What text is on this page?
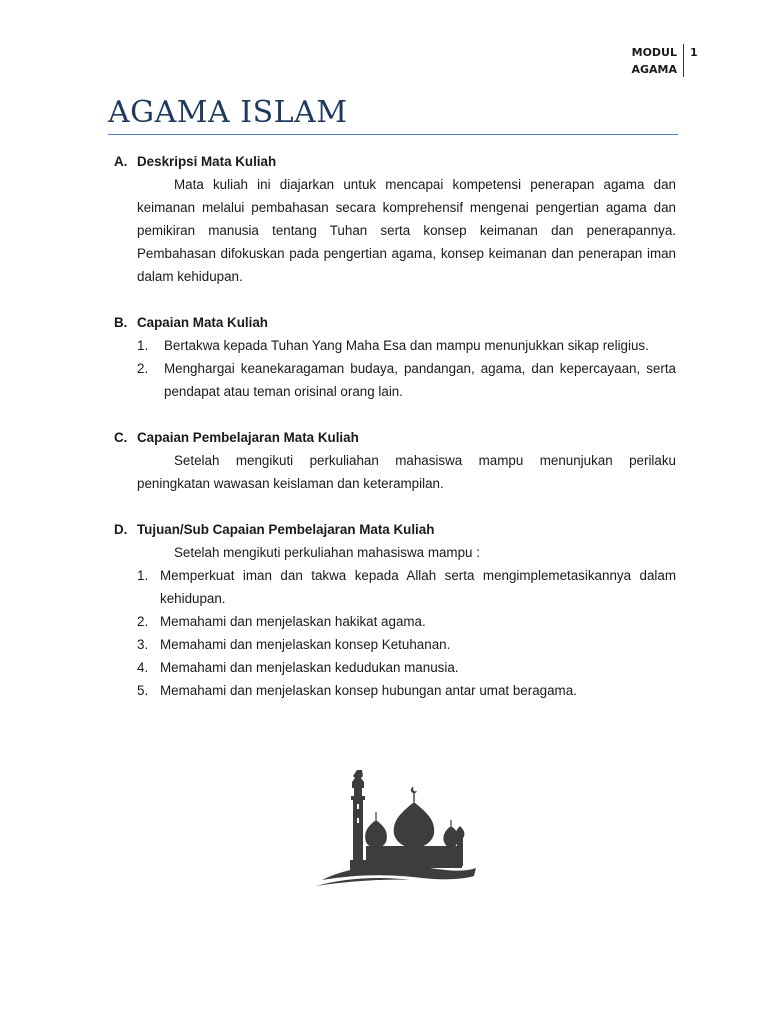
MODUL
AGAMA
1
AGAMA ISLAM
A. Deskripsi Mata Kuliah

Mata kuliah ini diajarkan untuk mencapai kompetensi penerapan agama dan keimanan melalui pembahasan secara komprehensif mengenai pengertian agama dan pemikiran manusia tentang Tuhan serta konsep keimanan dan penerapannya. Pembahasan difokuskan pada pengertian agama, konsep keimanan dan penerapan iman dalam kehidupan.

B. Capaian Mata Kuliah
1.	Bertakwa kepada Tuhan Yang Maha Esa dan mampu menunjukkan sikap religius.
2.	Menghargai keanekaragaman budaya, pandangan, agama, dan kepercayaan, serta pendapat atau teman orisinal orang lain.
C. Capaian Pembelajaran Mata Kuliah

Setelah mengikuti perkuliahan mahasiswa mampu menunjukan perilaku peningkatan wawasan keislaman dan keterampilan.

D. Tujuan/Sub Capaian Pembelajaran Mata Kuliah

Setelah mengikuti perkuliahan mahasiswa mampu :

1. Memperkuat iman dan takwa kepada Allah serta mengimplemetasikannya dalam kehidupan.
2. Memahami dan menjelaskan hakikat agama.
3. Memahami dan menjelaskan konsep Ketuhanan.
4. Memahami dan menjelaskan kedudukan manusia.
5. Memahami dan menjelaskan konsep hubungan antar umat beragama.
